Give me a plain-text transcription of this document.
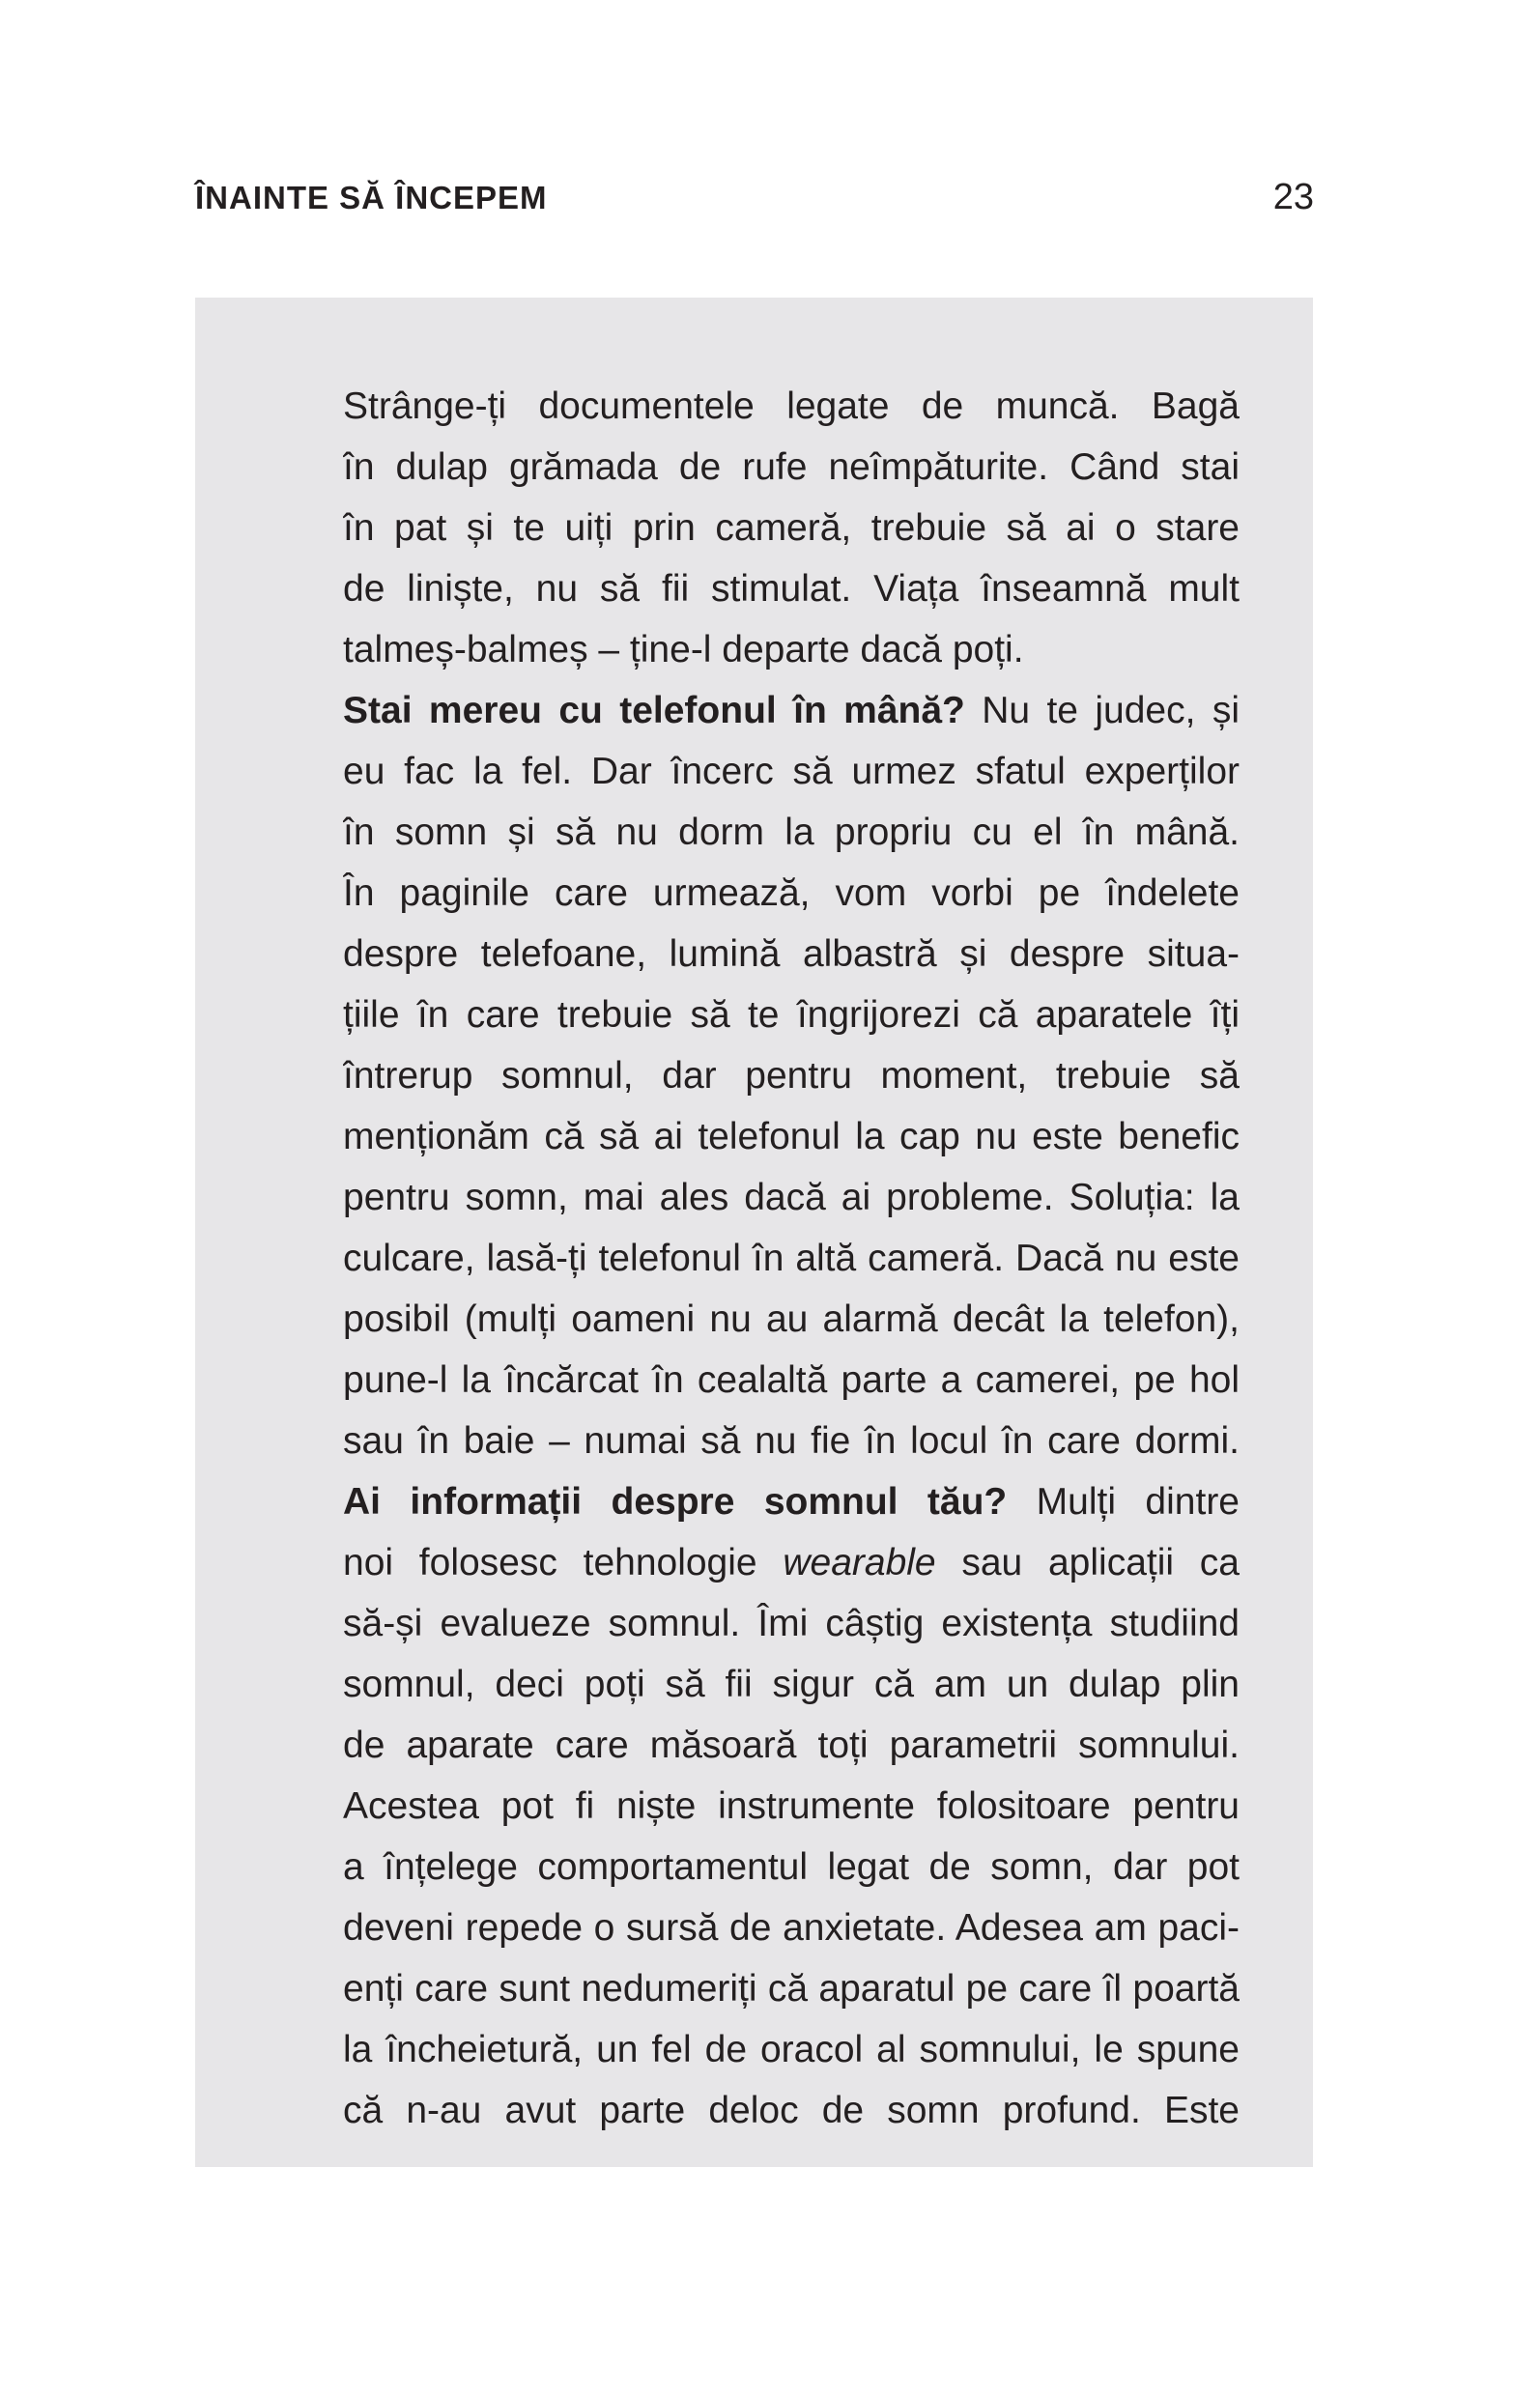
ÎNAINTE SĂ ÎNCEPEM	23
Strânge-ți documentele legate de muncă. Bagă
în dulap grămada de rufe neîmpăturite. Când stai
în pat și te uiți prin cameră, trebuie să ai o stare
de liniște, nu să fii stimulat. Viața înseamnă mult
talmeș-balmeș – ține-l departe dacă poți.
Stai mereu cu telefonul în mână? Nu te judec, și
eu fac la fel. Dar încerc să urmez sfatul experților
în somn și să nu dorm la propriu cu el în mână.
În paginile care urmează, vom vorbi pe îndelete
despre telefoane, lumină albastră și despre situa-
țiile în care trebuie să te îngrijorezi că aparatele îți
întrerup somnul, dar pentru moment, trebuie să
menționăm că să ai telefonul la cap nu este benefic
pentru somn, mai ales dacă ai probleme. Soluția: la
culcare, lasă-ți telefonul în altă cameră. Dacă nu este
posibil (mulți oameni nu au alarmă decât la telefon),
pune-l la încărcat în cealaltă parte a camerei, pe hol
sau în baie – numai să nu fie în locul în care dormi.
Ai informații despre somnul tău? Mulți dintre
noi folosesc tehnologie wearable sau aplicații ca
să-și evalueze somnul. Îmi câștig existența studiind
somnul, deci poți să fii sigur că am un dulap plin
de aparate care măsoară toți parametrii somnului.
Acestea pot fi niște instrumente folositoare pentru
a înțelege comportamentul legat de somn, dar pot
deveni repede o sursă de anxietate. Adesea am paci-
enți care sunt nedumeriți că aparatul pe care îl poartă
la încheietură, un fel de oracol al somnului, le spune
că n-au avut parte deloc de somn profund. Este
